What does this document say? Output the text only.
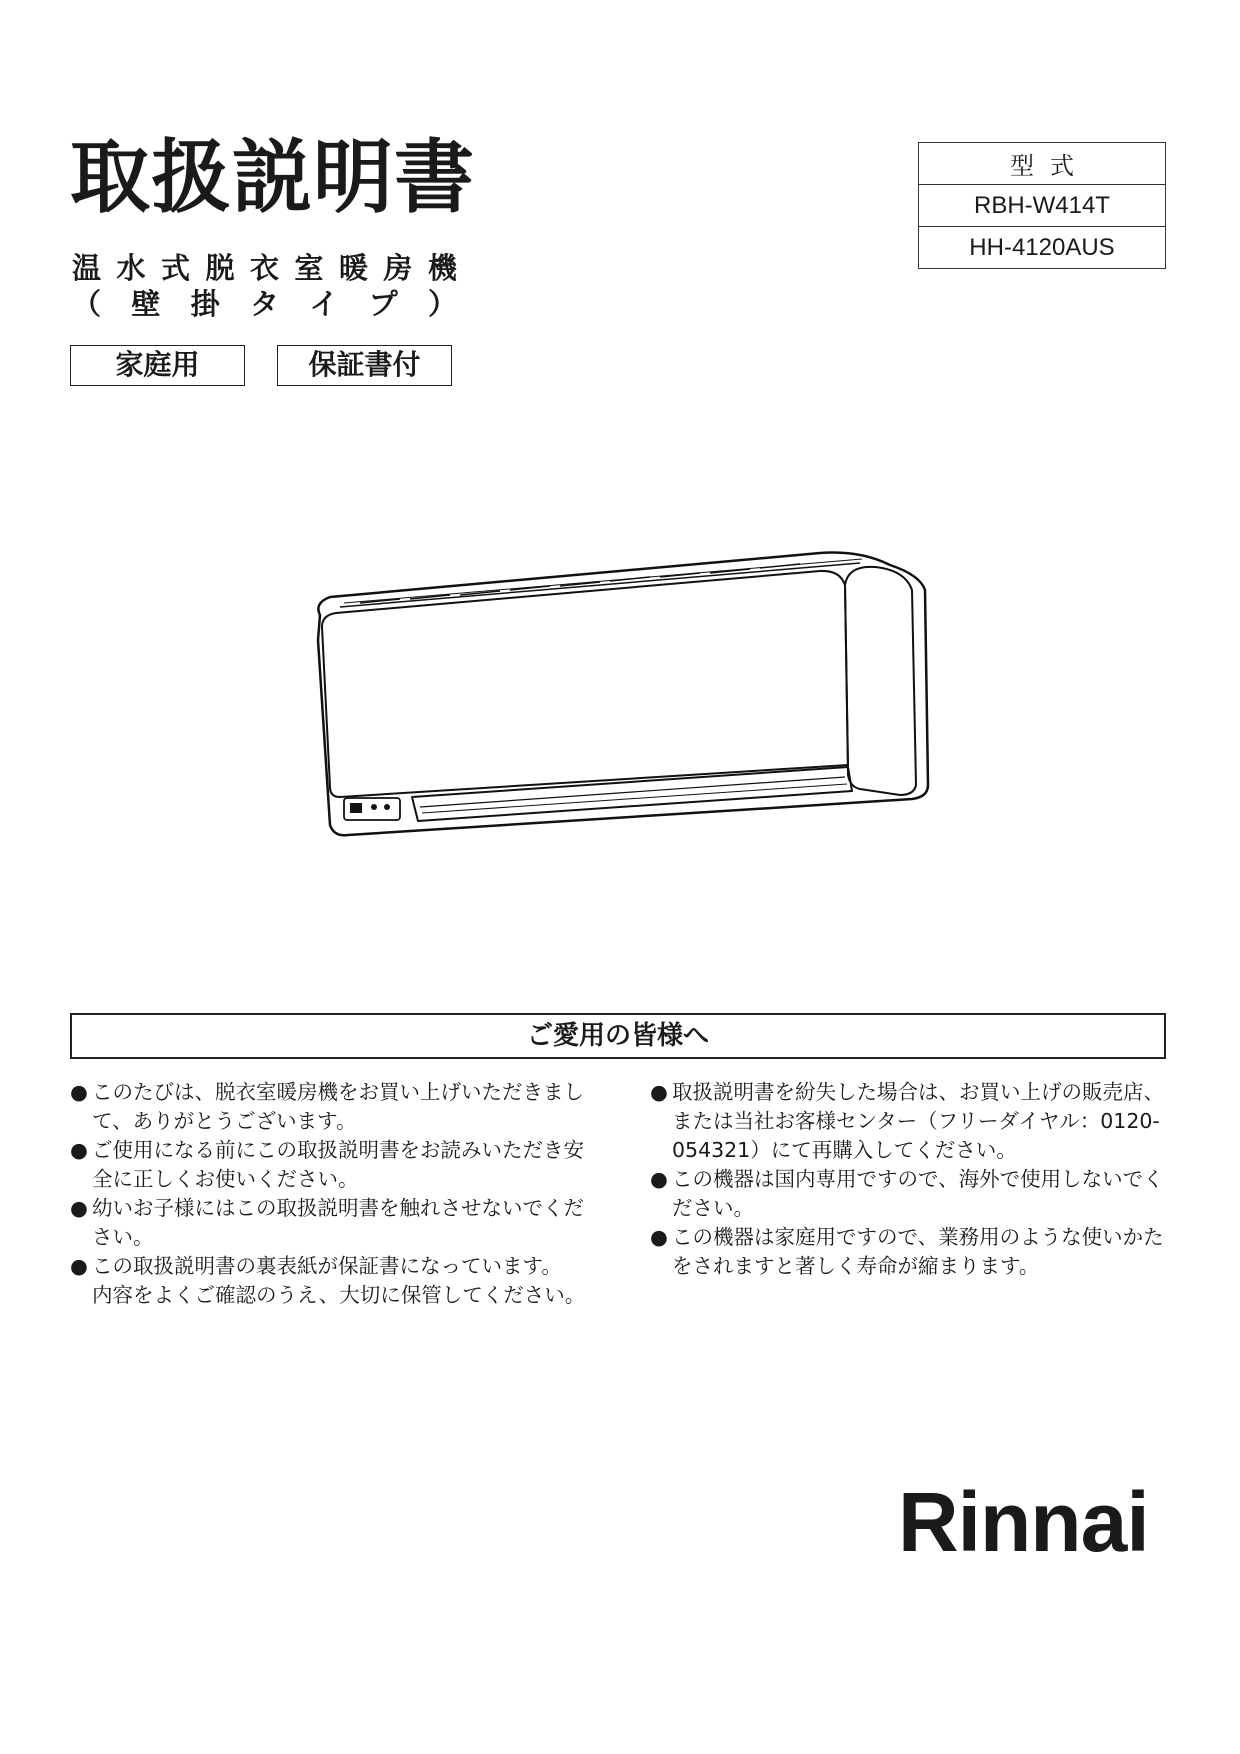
取扱説明書
温 水 式 脱 衣 室 暖 房 機
（ 壁 掛 タ イ プ ）
家庭用	保証書付
型式
RBH-W414T
HH-4120AUS
ご愛用の皆様へ
● このたびは、脱衣室暖房機をお買い上げいただきまし
て、ありがとうございます。
● ご使用になる前にこの取扱説明書をお読みいただき安
全に正しくお使いください。
● 幼いお子様にはこの取扱説明書を触れさせないでくだ
さい。
● この取扱説明書の裏表紙が保証書になっています。
内容をよくご確認のうえ、大切に保管してください。
● 取扱説明書を紛失した場合は、お買い上げの販売店、
または当社お客様センター（フリーダイヤル：0120-
054321）にて再購入してください。
● この機器は国内専用ですので、海外で使用しないでく
ださい。
● この機器は家庭用ですので、業務用のような使いかた
をされますと著しく寿命が縮まります。
Rinnai
